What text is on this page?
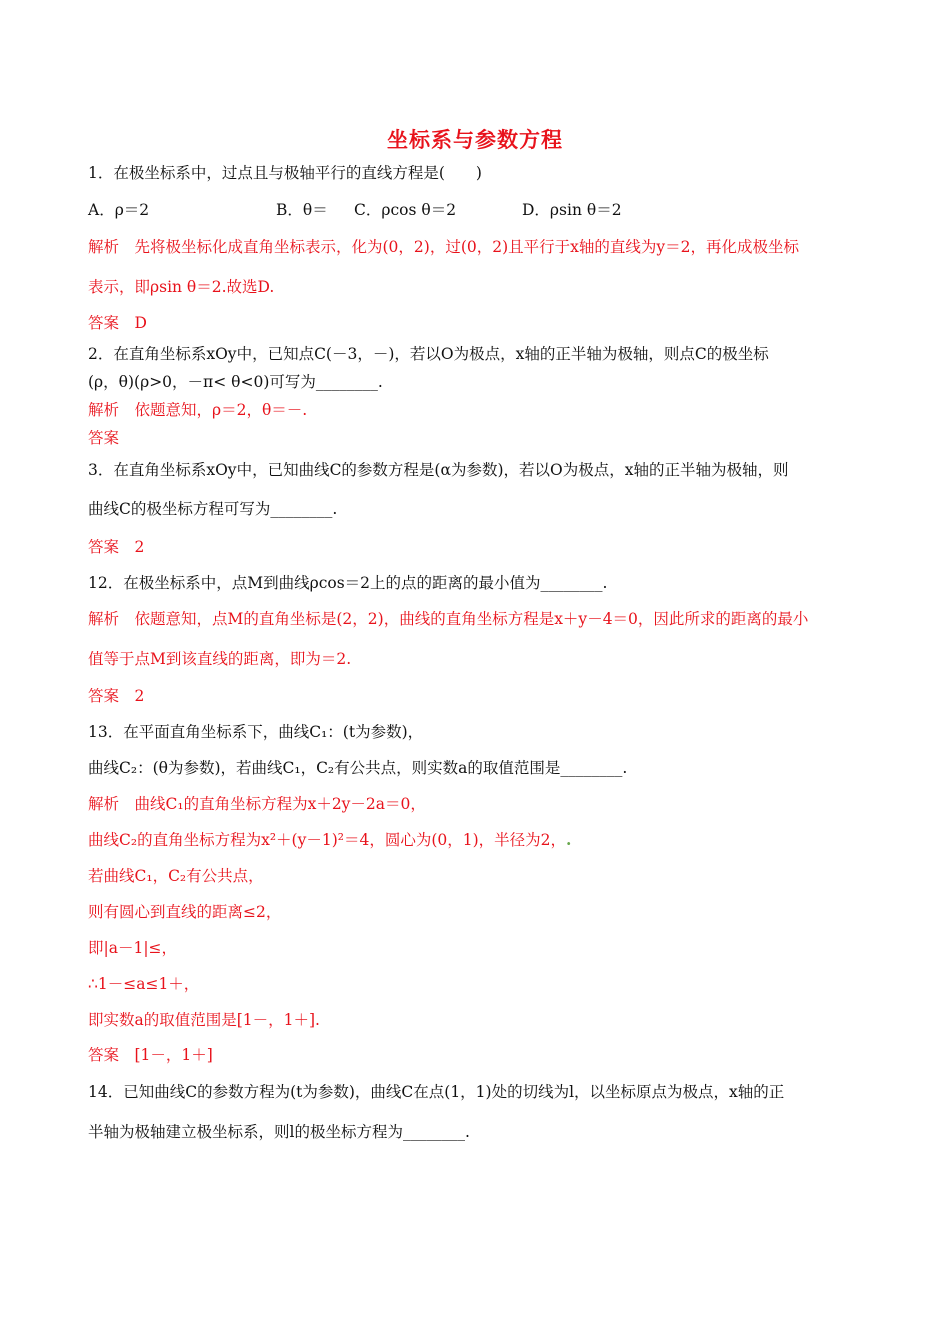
坐标系与参数方程
1．在极坐标系中，过点且与极轴平行的直线方程是(　　)
A．ρ＝2	B．θ＝ C．ρcos θ＝2	D．ρsin θ＝2
解析　先将极坐标化成直角坐标表示，化为(0，2)，过(0，2)且平行于x轴的直线为y＝2，再化成极坐标
表示，即ρsin θ＝2.故选D.
答案　D
2．在直角坐标系xOy中，已知点C(－3，－)，若以O为极点，x轴的正半轴为极轴，则点C的极坐标
(ρ，θ)(ρ>0，－π< θ<0)可写为________.
解析　依题意知，ρ＝2，θ＝－.
答案
3．在直角坐标系xOy中，已知曲线C的参数方程是(α为参数)，若以O为极点，x轴的正半轴为极轴，则
曲线C的极坐标方程可写为________.
答案　2
12．在极坐标系中，点M到曲线ρcos＝2上的点的距离的最小值为________.
解析　依题意知，点M的直角坐标是(2，2)，曲线的直角坐标方程是x＋y－4＝0，因此所求的距离的最小
值等于点M到该直线的距离，即为＝2.
答案　2
13．在平面直角坐标系下，曲线C₁：(t为参数)，
曲线C₂：(θ为参数)，若曲线C₁，C₂有公共点，则实数a的取值范围是________.
解析　曲线C₁的直角坐标方程为x＋2y－2a＝0，
曲线C₂的直角坐标方程为x²＋(y－1)²＝4，圆心为(0，1)，半径为2，.
若曲线C₁，C₂有公共点，
则有圆心到直线的距离≤2，
即|a－1|≤，
∴1－≤a≤1＋，
即实数a的取值范围是[1－，1＋].
答案　[1－，1＋]
14．已知曲线C的参数方程为(t为参数)，曲线C在点(1，1)处的切线为l，以坐标原点为极点，x轴的正
半轴为极轴建立极坐标系，则l的极坐标方程为________.
